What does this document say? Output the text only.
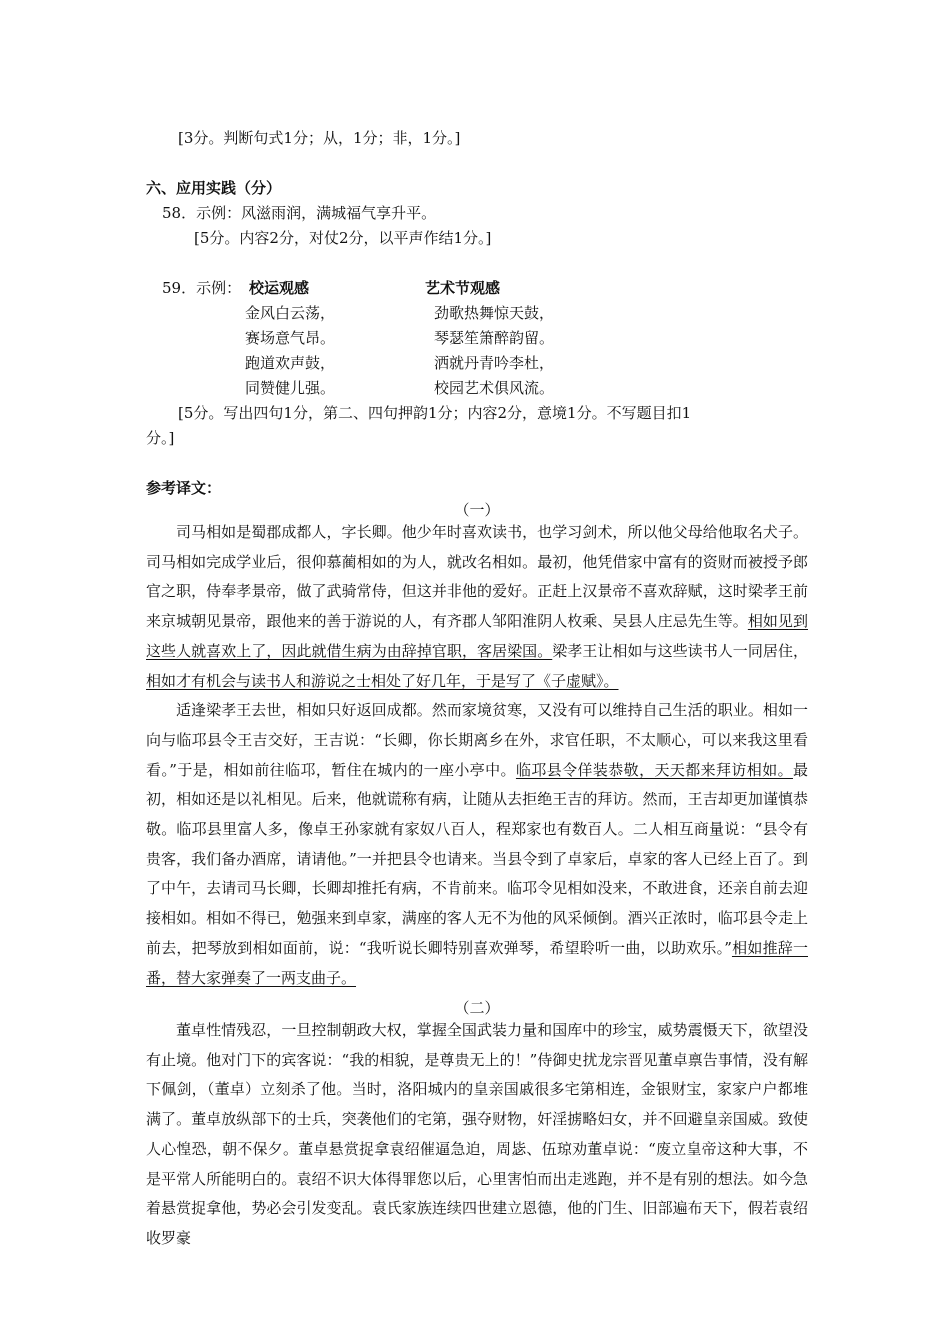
[3分。判断句式1分；从，1分；非，1分。]
六、应用实践（分）
58．示例：风滋雨润，满城福气享升平。
[5分。内容2分，对仗2分，以平声作结1分。]
59．示例： 校运观感	艺术节观感
金风白云荡，
赛场意气昂。
跑道欢声鼓，
同赞健儿强。
劲歌热舞惊天鼓，
琴瑟笙箫醉韵留。
洒就丹青吟李杜，
校园艺术俱风流。
[5分。写出四句1分，第二、四句押韵1分；内容2分，意境1分。不写题目扣1
分。]
参考译文：
（一）

司马相如是蜀郡成都人，字长卿。他少年时喜欢读书，也学习剑术，所以他父母给他取名犬子。司马相如完成学业后，很仰慕蔺相如的为人，就改名相如。最初，他凭借家中富有的资财而被授予郎官之职，侍奉孝景帝，做了武骑常侍，但这并非他的爱好。正赶上汉景帝不喜欢辞赋，这时梁孝王前来京城朝见景帝，跟他来的善于游说的人，有齐郡人邹阳淮阴人枚乘、吴县人庄忌先生等。相如见到这些人就喜欢上了，因此就借生病为由辞掉官职，客居梁国。梁孝王让相如与这些读书人一同居住，相如才有机会与读书人和游说之士相处了好几年，于是写了《子虚赋》。

适逢梁孝王去世，相如只好返回成都。然而家境贫寒，又没有可以维持自己生活的职业。相如一向与临邛县令王吉交好，王吉说：“长卿，你长期离乡在外，求官任职，不太顺心，可以来我这里看看。”于是，相如前往临邛，暂住在城内的一座小亭中。临邛县令佯装恭敬，天天都来拜访相如。最初，相如还是以礼相见。后来，他就谎称有病，让随从去拒绝王吉的拜访。然而，王吉却更加谨慎恭敬。临邛县里富人多，像卓王孙家就有家奴八百人，程郑家也有数百人。二人相互商量说：“县令有贵客，我们备办酒席，请请他。”一并把县令也请来。当县令到了卓家后，卓家的客人已经上百了。到了中午，去请司马长卿，长卿却推托有病，不肯前来。临邛令见相如没来，不敢进食，还亲自前去迎接相如。相如不得已，勉强来到卓家，满座的客人无不为他的风采倾倒。酒兴正浓时，临邛县令走上前去，把琴放到相如面前，说：“我听说长卿特别喜欢弹琴，希望聆听一曲，以助欢乐。”相如推辞一番，替大家弹奏了一两支曲子。

（二）

董卓性情残忍，一旦控制朝政大权，掌握全国武装力量和国库中的珍宝，威势震慑天下，欲望没有止境。他对门下的宾客说：“我的相貌，是尊贵无上的！”侍御史扰龙宗晋见董卓禀告事情，没有解下佩剑，（董卓）立刻杀了他。当时，洛阳城内的皇亲国戚很多宅第相连，金银财宝，家家户户都堆满了。董卓放纵部下的士兵，突袭他们的宅第，强夺财物，奸淫掳略妇女，并不回避皇亲国威。致使人心惶恐，朝不保夕。董卓悬赏捉拿袁绍催逼急迫，周毖、伍琼劝董卓说：“废立皇帝这种大事，不是平常人所能明白的。袁绍不识大体得罪您以后，心里害怕而出走逃跑，并不是有别的想法。如今急着悬赏捉拿他，势必会引发变乱。袁氏家族连续四世建立恩德，他的门生、旧部遍布天下，假若袁绍收罗豪
